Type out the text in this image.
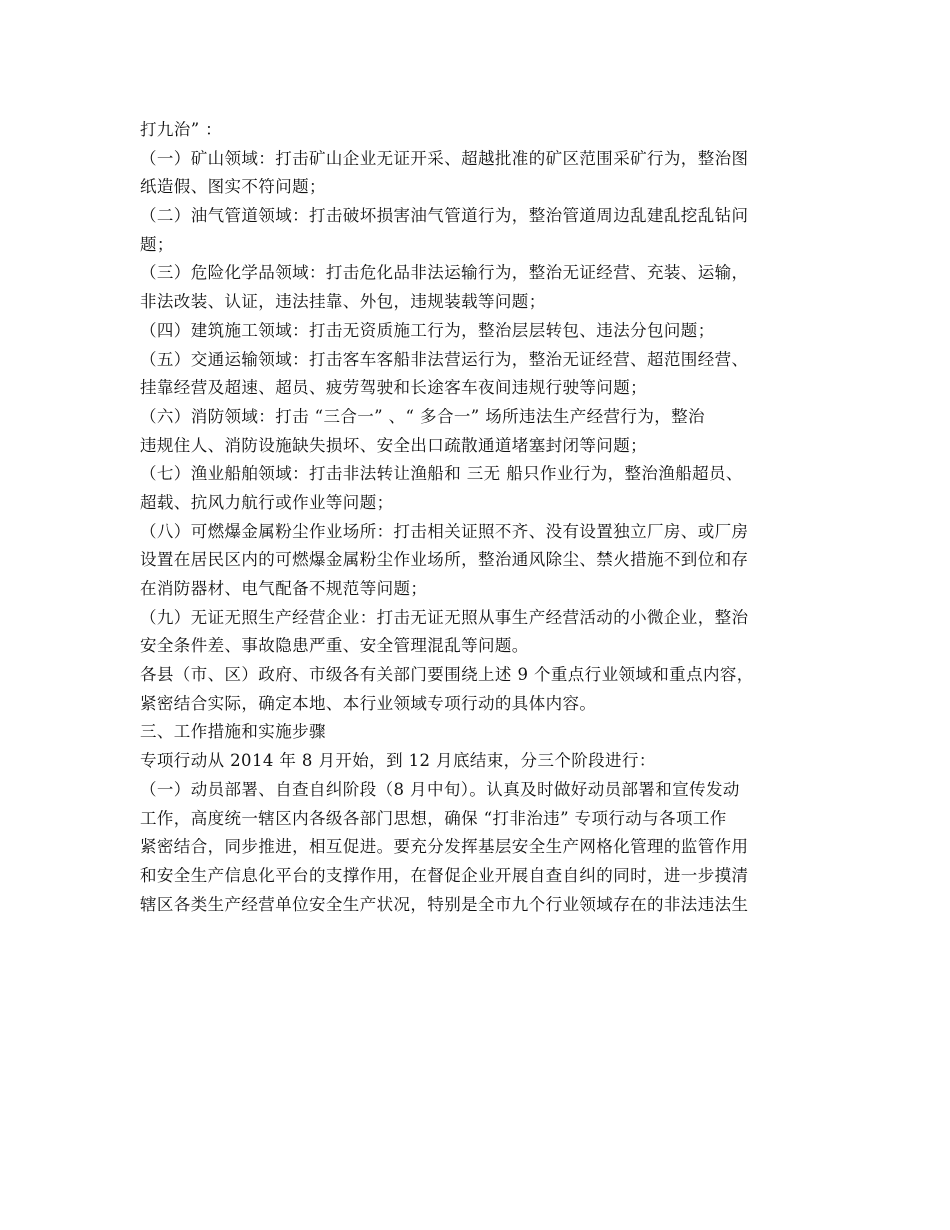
打九治” ：
（一）矿山领域：打击矿山企业无证开采、超越批准的矿区范围采矿行为，整治图
纸造假、图实不符问题；
（二）油气管道领域：打击破坏损害油气管道行为，整治管道周边乱建乱挖乱钻问
题；
（三）危险化学品领域：打击危化品非法运输行为，整治无证经营、充装、运输，
非法改装、认证，违法挂靠、外包，违规装载等问题；
（四）建筑施工领域：打击无资质施工行为，整治层层转包、违法分包问题；
（五）交通运输领域：打击客车客船非法营运行为，整治无证经营、超范围经营、
挂靠经营及超速、超员、疲劳驾驶和长途客车夜间违规行驶等问题；
（六）消防领域：打击 “三合一” 、“ 多合一” 场所违法生产经营行为，整治
违规住人、消防设施缺失损坏、安全出口疏散通道堵塞封闭等问题；
（七）渔业船舶领域：打击非法转让渔船和 三无 船只作业行为，整治渔船超员、
超载、抗风力航行或作业等问题；
（八）可燃爆金属粉尘作业场所：打击相关证照不齐、没有设置独立厂房、或厂房
设置在居民区内的可燃爆金属粉尘作业场所，整治通风除尘、禁火措施不到位和存
在消防器材、电气配备不规范等问题；
（九）无证无照生产经营企业：打击无证无照从事生产经营活动的小微企业，整治
安全条件差、事故隐患严重、安全管理混乱等问题。
各县（市、区）政府、市级各有关部门要围绕上述 9 个重点行业领域和重点内容，
紧密结合实际，确定本地、本行业领域专项行动的具体内容。
三、工作措施和实施步骤
专项行动从 2014 年 8 月开始，到 12 月底结束，分三个阶段进行：
（一）动员部署、自查自纠阶段（8 月中旬）。认真及时做好动员部署和宣传发动
工作，高度统一辖区内各级各部门思想，确保 “打非治违” 专项行动与各项工作
紧密结合，同步推进，相互促进。要充分发挥基层安全生产网格化管理的监管作用
和安全生产信息化平台的支撑作用，在督促企业开展自查自纠的同时，进一步摸清
辖区各类生产经营单位安全生产状况，特别是全市九个行业领域存在的非法违法生
